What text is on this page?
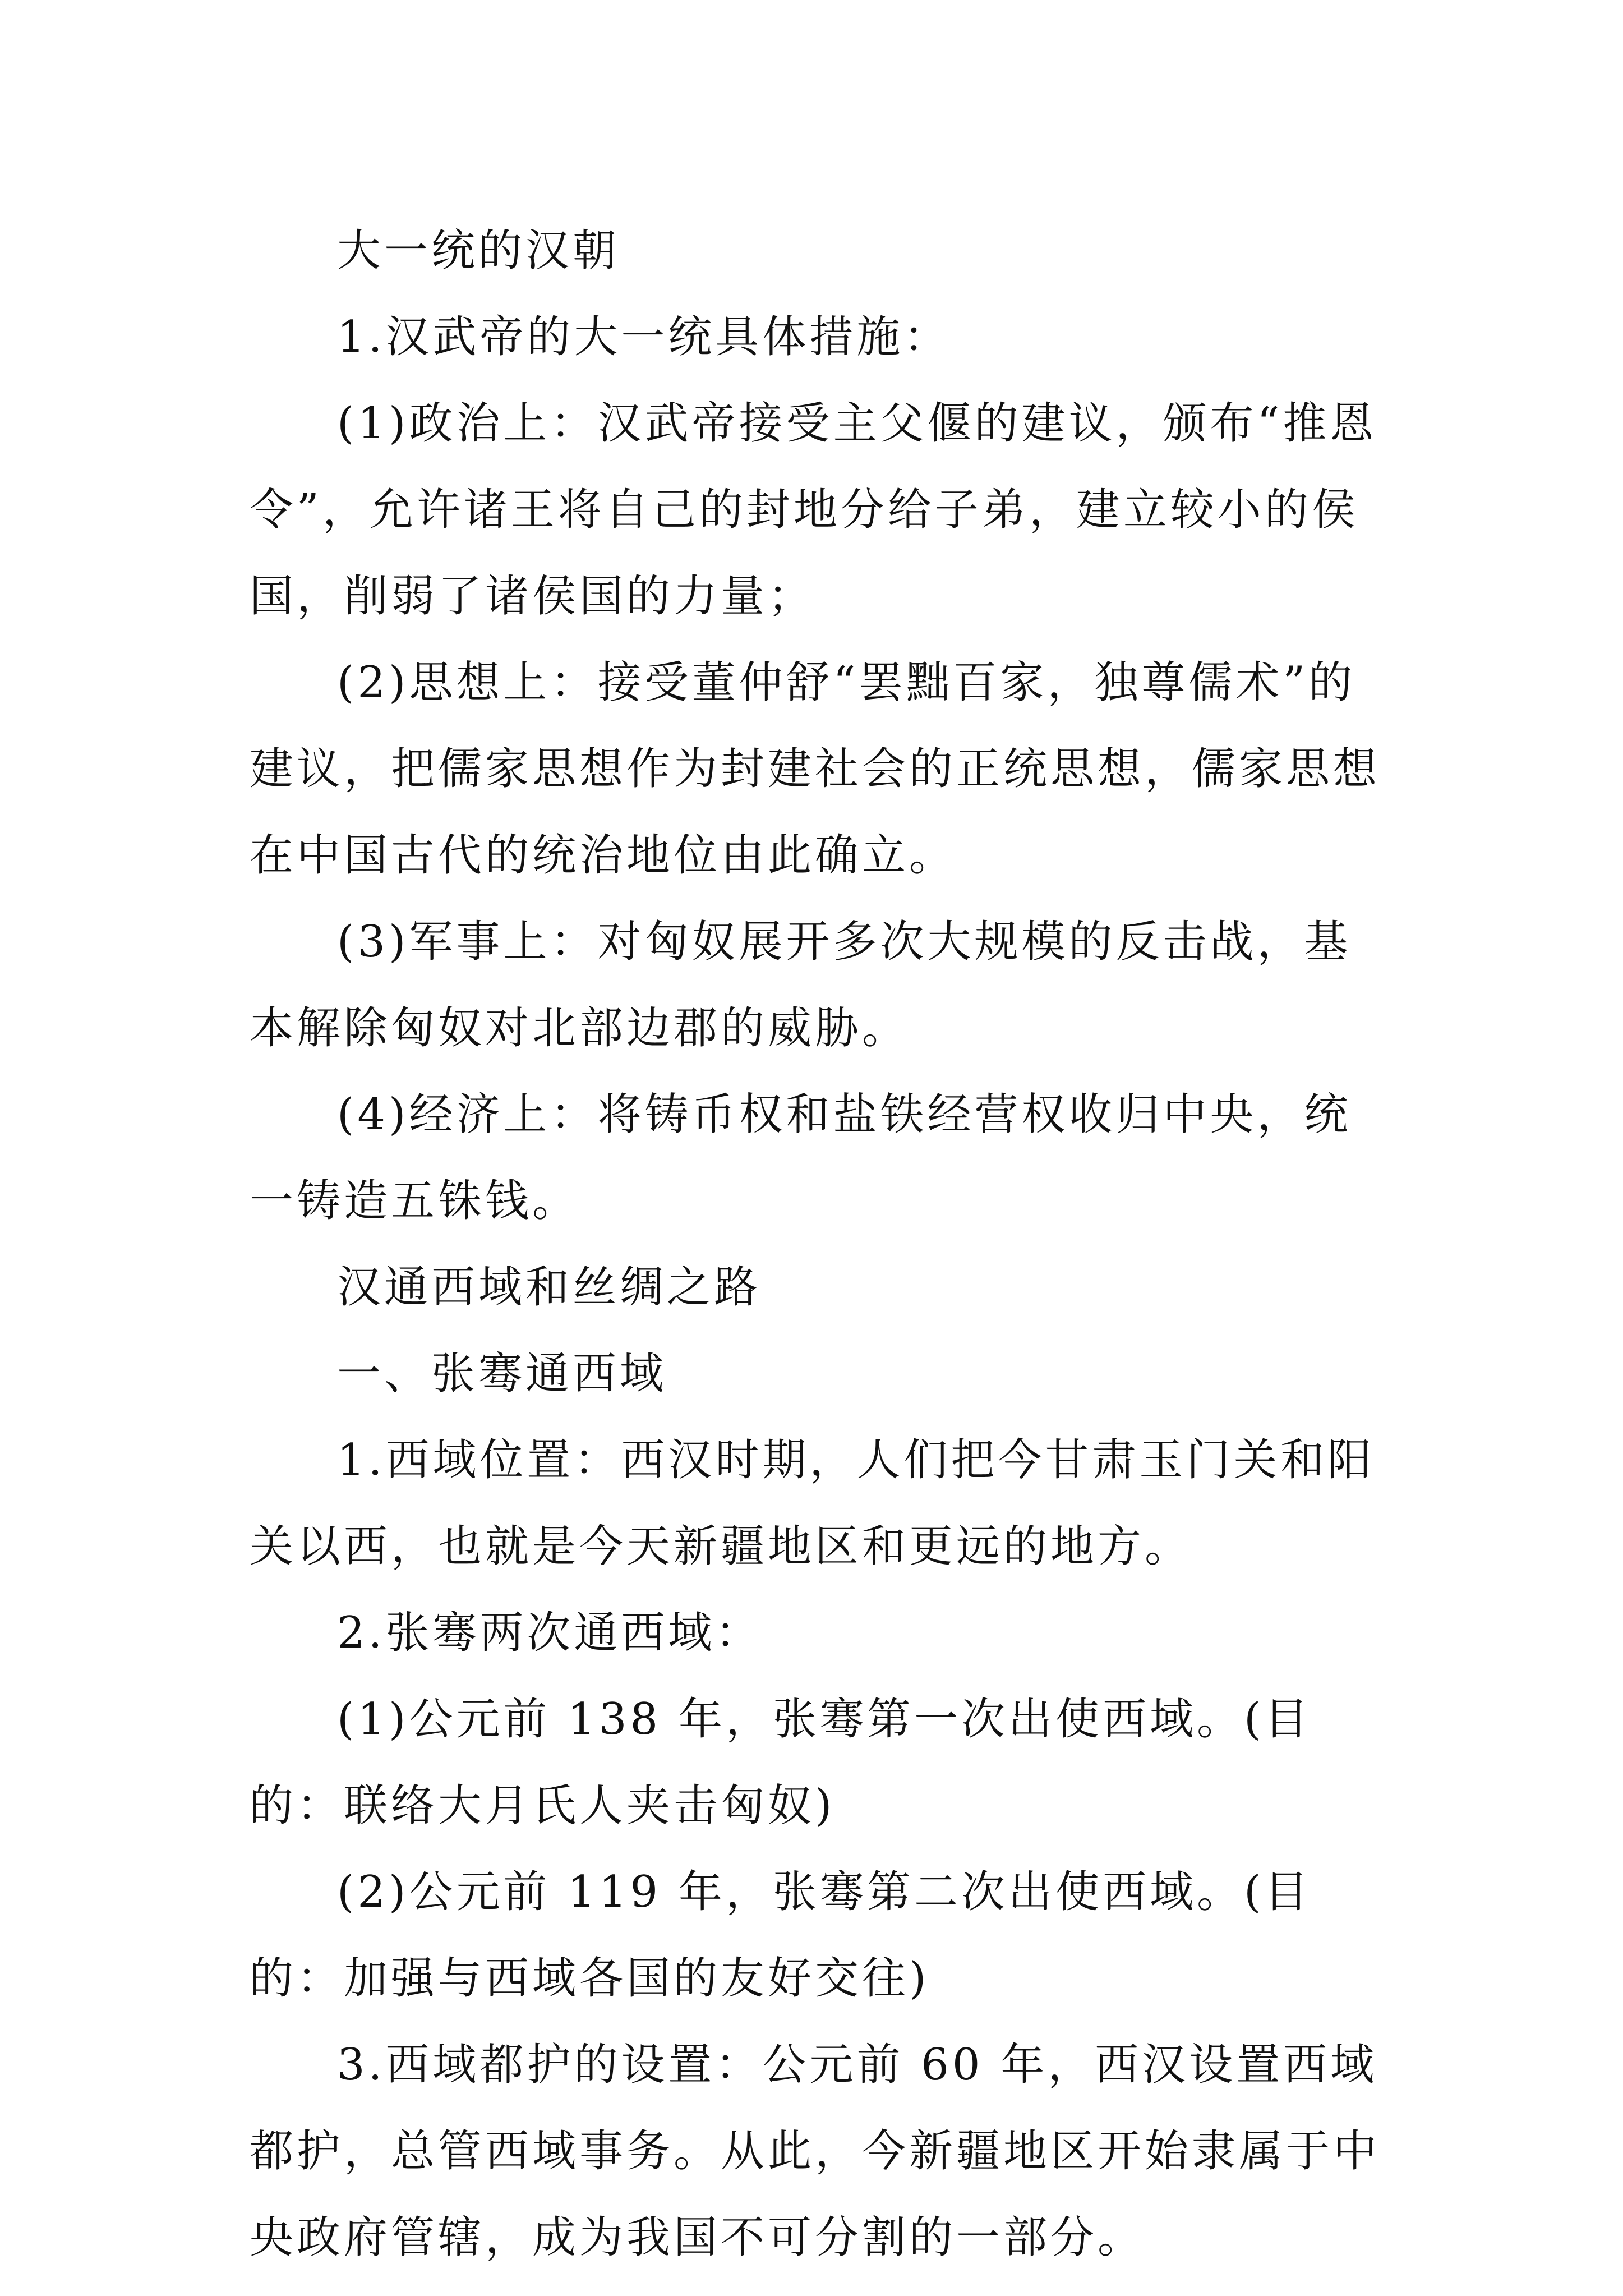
大一统的汉朝

1.汉武帝的大一统具体措施：

(1)政治上：汉武帝接受主父偃的建议，颁布“推恩令”，允许诸王将自己的封地分给子弟，建立较小的侯国，削弱了诸侯国的力量；

(2)思想上：接受董仲舒“罢黜百家，独尊儒术”的建议，把儒家思想作为封建社会的正统思想，儒家思想在中国古代的统治地位由此确立。

(3)军事上：对匈奴展开多次大规模的反击战，基本解除匈奴对北部边郡的威胁。

(4)经济上：将铸币权和盐铁经营权收归中央，统一铸造五铢钱。

汉通西域和丝绸之路

一、张骞通西域

1.西域位置：西汉时期，人们把今甘肃玉门关和阳关以西，也就是今天新疆地区和更远的地方。

2.张骞两次通西域：

(1)公元前 138 年，张骞第一次出使西域。(目的：联络大月氏人夹击匈奴)

(2)公元前 119 年，张骞第二次出使西域。(目的：加强与西域各国的友好交往)

3.西域都护的设置：公元前 60 年，西汉设置西域都护，总管西域事务。从此，今新疆地区开始隶属于中央政府管辖，成为我国不可分割的一部分。
